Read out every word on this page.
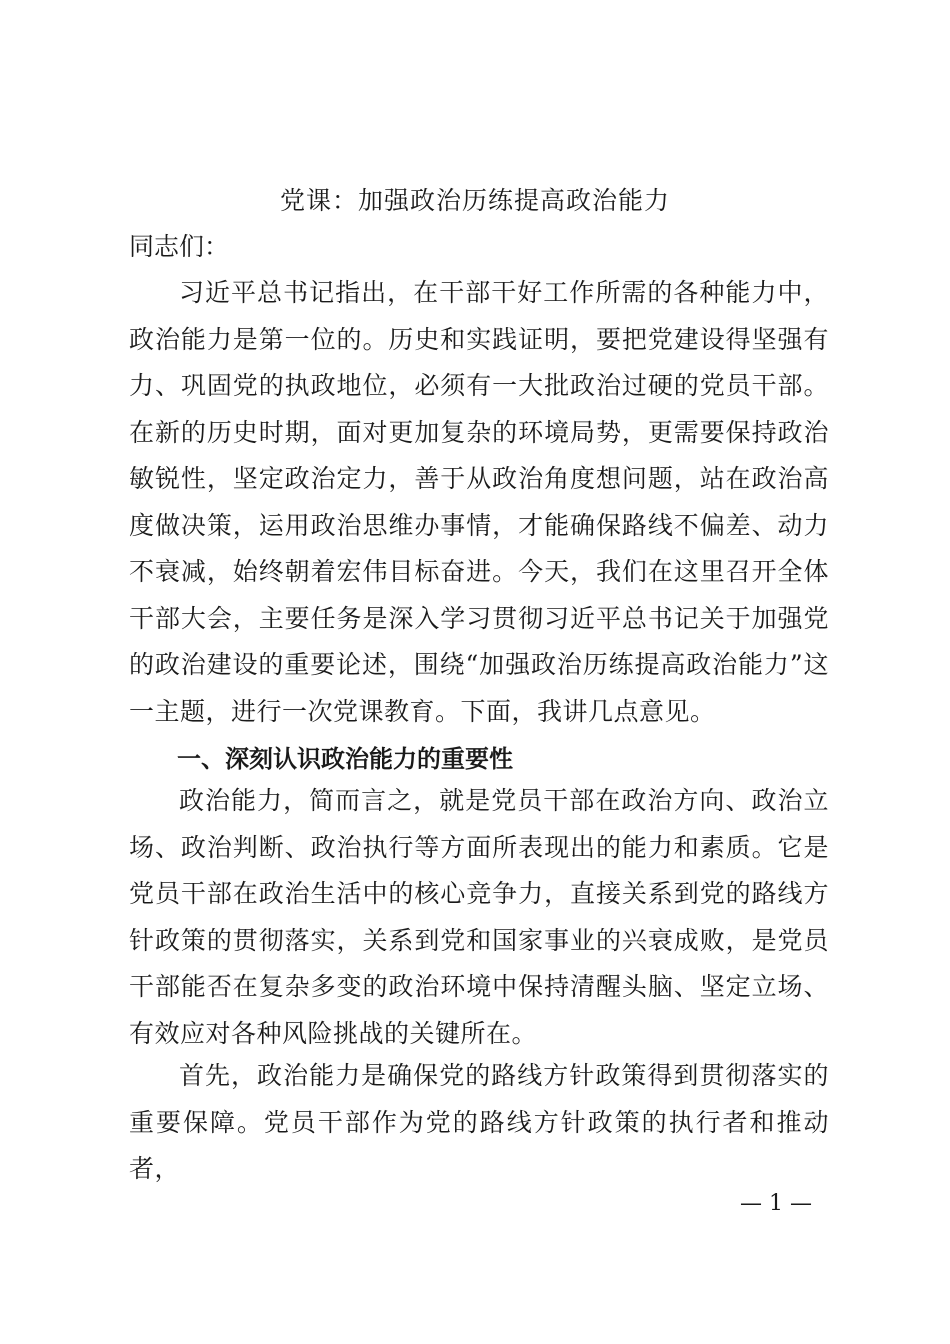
党课：加强政治历练提高政治能力
同志们：

习近平总书记指出，在干部干好工作所需的各种能力中，政治能力是第一位的。历史和实践证明，要把党建设得坚强有力、巩固党的执政地位，必须有一大批政治过硬的党员干部。在新的历史时期，面对更加复杂的环境局势，更需要保持政治敏锐性，坚定政治定力，善于从政治角度想问题，站在政治高度做决策，运用政治思维办事情，才能确保路线不偏差、动力不衰减，始终朝着宏伟目标奋进。今天，我们在这里召开全体干部大会，主要任务是深入学习贯彻习近平总书记关于加强党的政治建设的重要论述，围绕“加强政治历练提高政治能力”这一主题，进行一次党课教育。下面，我讲几点意见。

一、深刻认识政治能力的重要性

政治能力，简而言之，就是党员干部在政治方向、政治立场、政治判断、政治执行等方面所表现出的能力和素质。它是党员干部在政治生活中的核心竞争力，直接关系到党的路线方针政策的贯彻落实，关系到党和国家事业的兴衰成败，是党员干部能否在复杂多变的政治环境中保持清醒头脑、坚定立场、有效应对各种风险挑战的关键所在。

首先，政治能力是确保党的路线方针政策得到贯彻落实的重要保障。党员干部作为党的路线方针政策的执行者和推动者，

— 1 —
